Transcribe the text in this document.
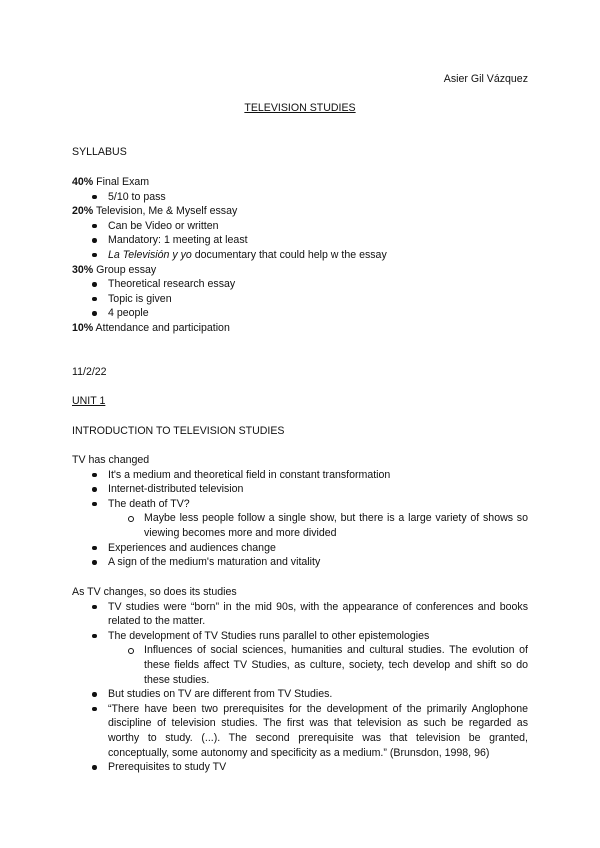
Asier Gil Vázquez
TELEVISION STUDIES
SYLLABUS
40% Final Exam
5/10 to pass
20% Television, Me & Myself essay
Can be Video or written
Mandatory: 1 meeting at least
La Televisión y yo documentary that could help w the essay
30% Group essay
Theoretical research essay
Topic is given
4 people
10% Attendance and participation
11/2/22
UNIT 1
INTRODUCTION TO TELEVISION STUDIES
TV has changed
It's a medium and theoretical field in constant transformation
Internet-distributed television
The death of TV?
Maybe less people follow a single show, but there is a large variety of shows so viewing becomes more and more divided
Experiences and audiences change
A sign of the medium's maturation and vitality
As TV changes, so does its studies
TV studies were “born” in the mid 90s, with the appearance of conferences and books related to the matter.
The development of TV Studies runs parallel to other epistemologies
Influences of social sciences, humanities and cultural studies. The evolution of these fields affect TV Studies, as culture, society, tech develop and shift so do these studies.
But studies on TV are different from TV Studies.
“There have been two prerequisites for the development of the primarily Anglophone discipline of television studies. The first was that television as such be regarded as worthy to study. (...). The second prerequisite was that television be granted, conceptually, some autonomy and specificity as a medium.” (Brunsdon, 1998, 96)
Prerequisites to study TV
